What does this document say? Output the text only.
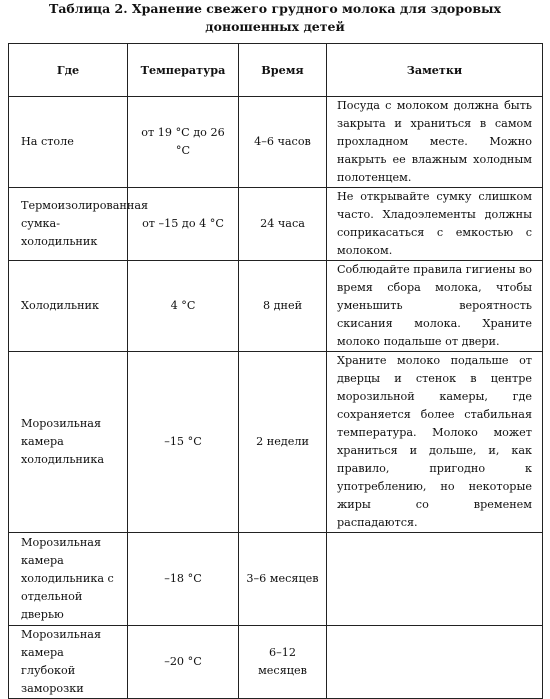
Таблица 2. Хранение свежего грудного молока для здоровых
доношенных детей
Где	Температура	Время	Заметки
На столе	от 19 °С до 26 °С	4–6 часов	Посуда с молоком должна быть закрыта и храниться в самом прохладном месте. Можно накрыть ее влажным холодным полотенцем.
Термоизолированная сумка-холодильник	от –15 до 4 °С	24 часа	Не открывайте сумку слишком часто. Хладоэлементы должны соприкасаться с емкостью с молоком.
Холодильник	4 °С	8 дней	Соблюдайте правила гигиены во время сбора молока, чтобы уменьшить вероятность скисания молока. Храните молоко подальше от двери.
Морозильная камера холодильника	–15 °С	2 недели	Храните молоко подальше от дверцы и стенок в центре морозильной камеры, где сохраняется более стабильная температура. Молоко может храниться и дольше, и, как правило, пригодно к употреблению, но некоторые жиры со временем распадаются.
Морозильная камера холодильника с отдельной дверью	–18 °С	3–6 месяцев	
Морозильная камера глубокой заморозки	–20 °С	6–12 месяцев	
